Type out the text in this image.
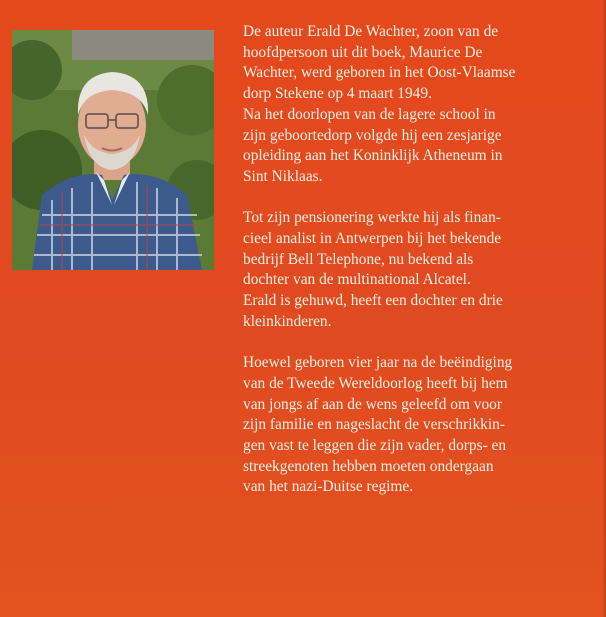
De auteur Erald De Wachter, zoon van de
hoofdpersoon uit dit boek, Maurice De
Wachter, werd geboren in het Oost-Vlaamse
dorp Stekene op 4 maart 1949.
Na het doorlopen van de lagere school in
zijn geboortedorp volgde hij een zesjarige
opleiding aan het Koninklijk Atheneum in
Sint Niklaas.
Tot zijn pensionering werkte hij als finan-
cieel analist in Antwerpen bij het bekende
bedrijf Bell Telephone, nu bekend als
dochter van de multinational Alcatel.
Erald is gehuwd, heeft een dochter en drie
kleinkinderen.
Hoewel geboren vier jaar na de beëindiging
van de Tweede Wereldoorlog heeft bij hem
van jongs af aan de wens geleefd om voor
zijn familie en nageslacht de verschrikkin-
gen vast te leggen die zijn vader, dorps- en
streekgenoten hebben moeten ondergaan
van het nazi-Duitse regime.
